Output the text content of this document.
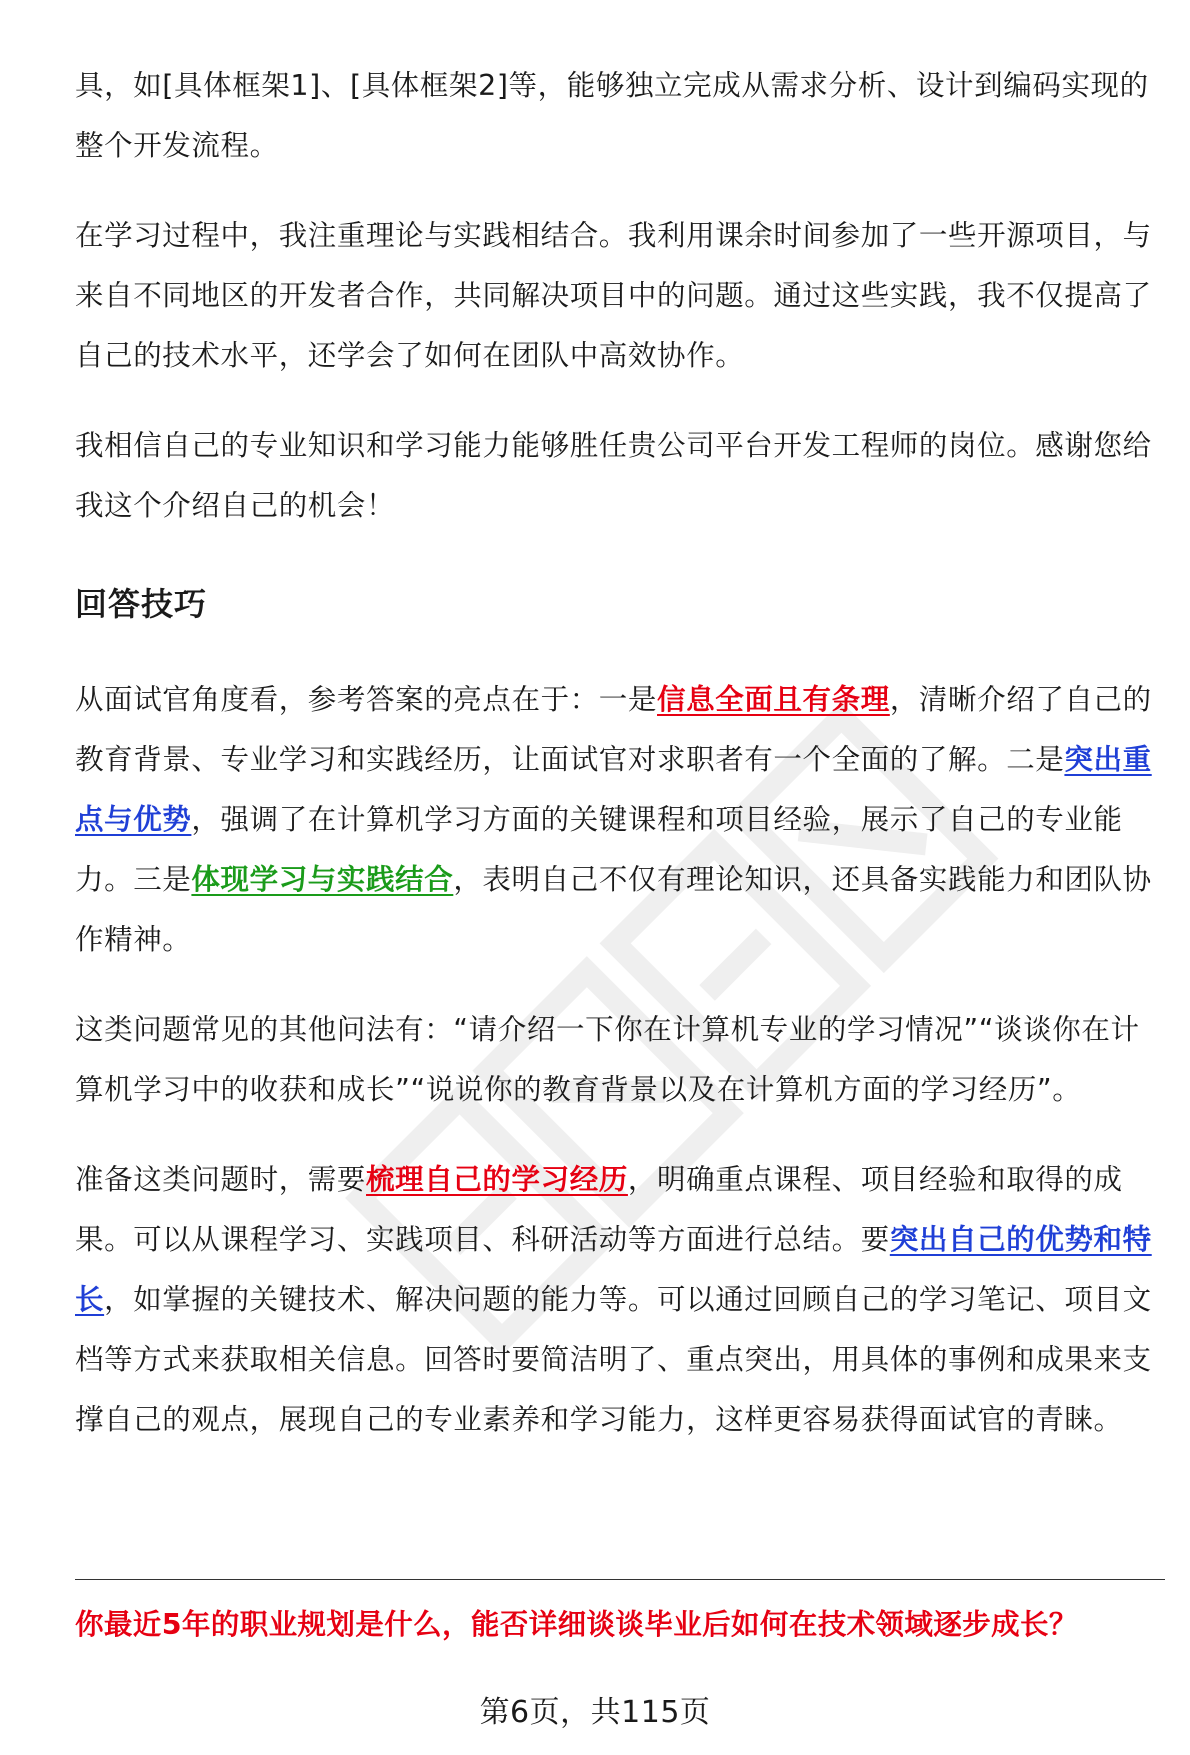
具，如[具体框架1]、[具体框架2]等，能够独立完成从需求分析、设计到编码实现的整个开发流程。

在学习过程中，我注重理论与实践相结合。我利用课余时间参加了一些开源项目，与来自不同地区的开发者合作，共同解决项目中的问题。通过这些实践，我不仅提高了自己的技术水平，还学会了如何在团队中高效协作。

我相信自己的专业知识和学习能力能够胜任贵公司平台开发工程师的岗位。感谢您给我这个介绍自己的机会！

回答技巧

从面试官角度看，参考答案的亮点在于：一是信息全面且有条理，清晰介绍了自己的教育背景、专业学习和实践经历，让面试官对求职者有一个全面的了解。二是突出重点与优势，强调了在计算机学习方面的关键课程和项目经验，展示了自己的专业能力。三是体现学习与实践结合，表明自己不仅有理论知识，还具备实践能力和团队协作精神。

这类问题常见的其他问法有：“请介绍一下你在计算机专业的学习情况”“谈谈你在计算机学习中的收获和成长”“说说你的教育背景以及在计算机方面的学习经历”。

准备这类问题时，需要梳理自己的学习经历，明确重点课程、项目经验和取得的成果。可以从课程学习、实践项目、科研活动等方面进行总结。要突出自己的优势和特长，如掌握的关键技术、解决问题的能力等。可以通过回顾自己的学习笔记、项目文档等方式来获取相关信息。回答时要简洁明了、重点突出，用具体的事例和成果来支撑自己的观点，展现自己的专业素养和学习能力，这样更容易获得面试官的青睐。

你最近5年的职业规划是什么，能否详细谈谈毕业后如何在技术领域逐步成长？

第6页，共115页
